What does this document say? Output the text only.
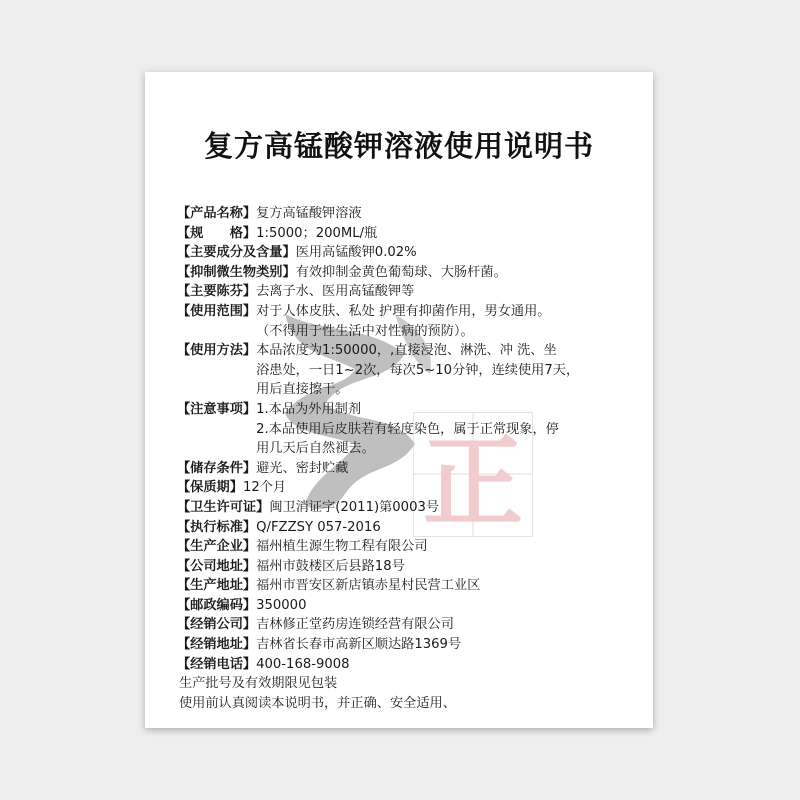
正
复方高锰酸钾溶液使用说明书
【产品名称】 复方高锰酸钾溶液
【规　　格】 1:5000；200ML/瓶
【主要成分及含量】 医用高锰酸钾0.02%
【抑制微生物类别】 有效抑制金黄色葡萄球、大肠杆菌。
【主要陈芬】 去离子水、医用高锰酸钾等
【使用范围】 对于人体皮肤、私处 护理有抑菌作用，男女通用。
（不得用于性生活中对性病的预防）。
【使用方法】 本品浓度为1:50000，,直接浸泡、淋洗、冲 洗、坐
浴患处，一日1~2次，每次5~10分钟，连续使用7天，
用后直接擦干。
【注意事项】 1.本品为外用制剂
2.本品使用后皮肤若有轻度染色，属于正常现象，停
用几天后自然褪去。
【储存条件】 避光、密封贮藏
【保质期】 12个月
【卫生许可证】 闽卫消证字(2011)第0003号
【执行标准】 Q/FZZSY 057-2016
【生产企业】 福州植生源生物工程有限公司
【公司地址】 福州市鼓楼区后县路18号
【生产地址】 福州市晋安区新店镇赤星村民营工业区
【邮政编码】 350000
【经销公司】 吉林修正堂药房连锁经营有限公司
【经销地址】 吉林省长春市高新区顺达路1369号
【经销电话】 400-168-9008
生产批号及有效期限见包装
使用前认真阅读本说明书，并正确、安全适用、
